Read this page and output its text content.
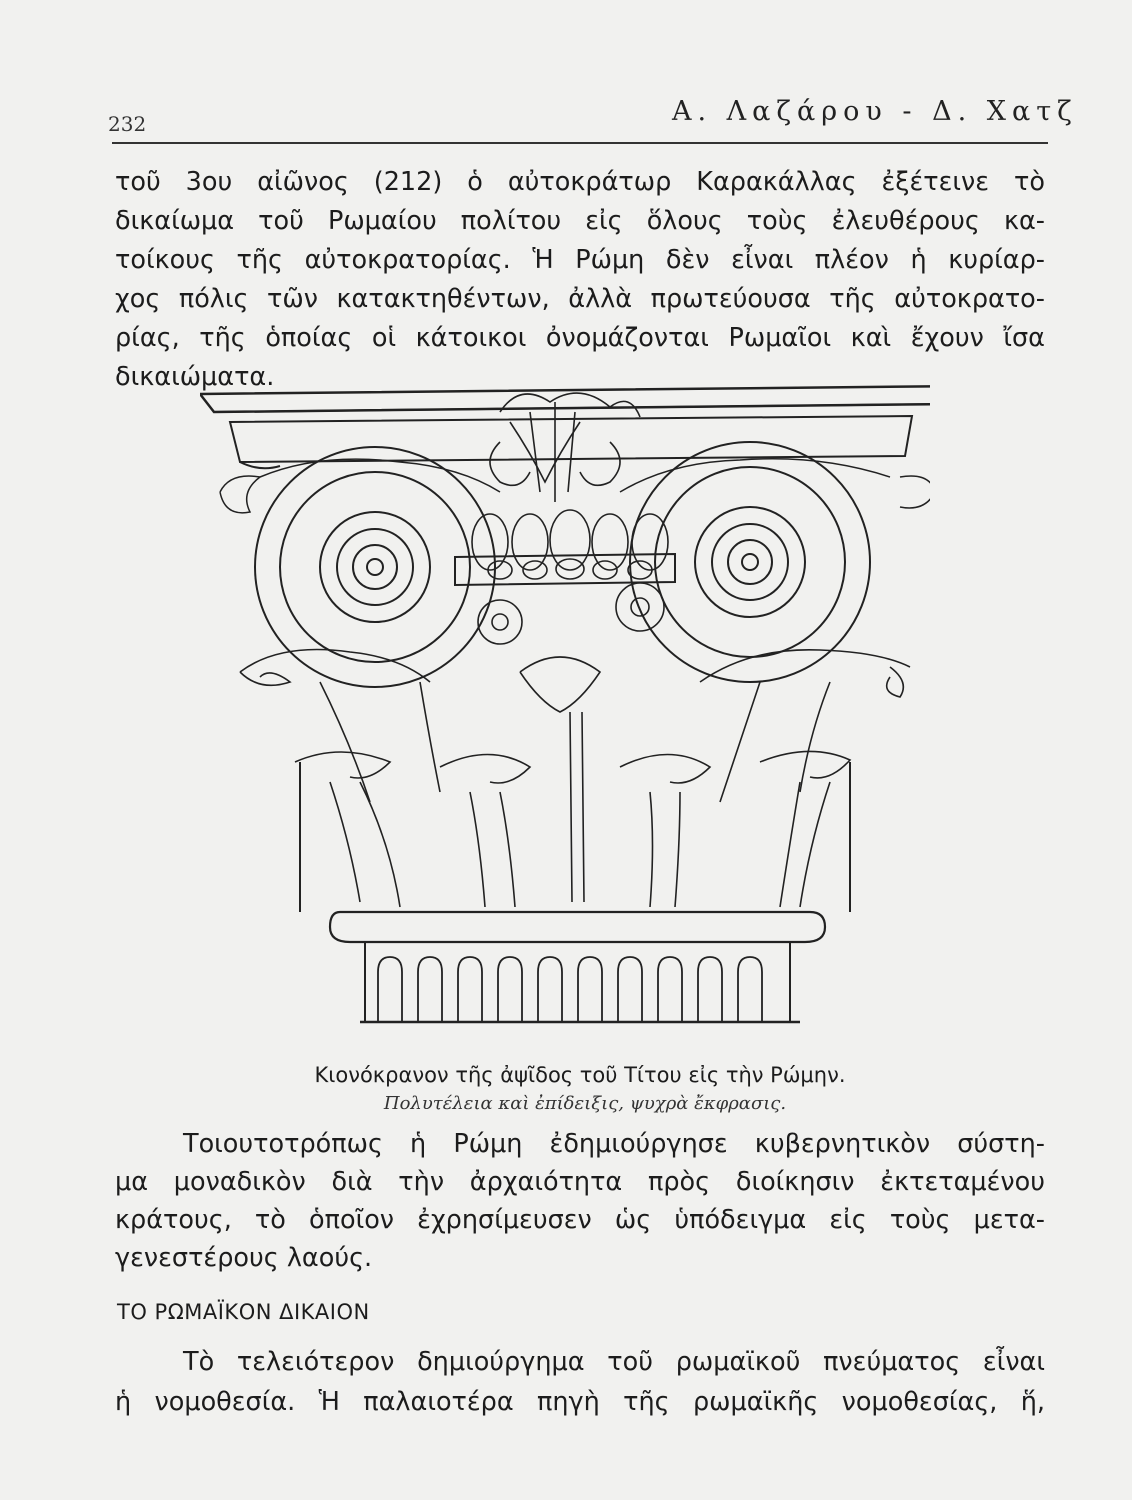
232	Α. Λαζάρου - Δ. Χατζ
τοῦ 3ου αἰῶνος (212) ὁ αὐτοκράτωρ Καρακάλλας ἐξέτεινε τὸ
δικαίωμα τοῦ Ρωμαίου πολίτου εἰς ὅλους τοὺς ἐλευθέρους κα-
τοίκους τῆς αὐτοκρατορίας. Ἡ Ρώμη δὲν εἶναι πλέον ἡ κυρίαρ-
χος πόλις τῶν κατακτηθέντων, ἀλλὰ πρωτεύουσα τῆς αὐτοκρατο-
ρίας, τῆς ὁποίας οἱ κάτοικοι ὀνομάζονται Ρωμαῖοι καὶ ἔχουν ἴσα
δικαιώματα.
Κιονόκρανον τῆς ἀψῖδος τοῦ Τίτου εἰς τὴν Ρώμην.
Πολυτέλεια καὶ ἐπίδειξις, ψυχρὰ ἔκφρασις.
Τοιουτοτρόπως ἡ Ρώμη ἐδημιούργησε κυβερνητικὸν σύστη-
μα μοναδικὸν διὰ τὴν ἀρχαιότητα πρὸς διοίκησιν ἐκτεταμένου
κράτους, τὸ ὁποῖον ἐχρησίμευσεν ὡς ὑπόδειγμα εἰς τοὺς μετα-
γενεστέρους λαούς.
ΤΟ ΡΩΜΑΪΚΟΝ ΔΙΚΑΙΟΝ
Τὸ τελειότερον δημιούργημα τοῦ ρωμαϊκοῦ πνεύματος εἶναι
ἡ νομοθεσία. Ἡ παλαιοτέρα πηγὴ τῆς ρωμαϊκῆς νομοθεσίας, ἥ,
